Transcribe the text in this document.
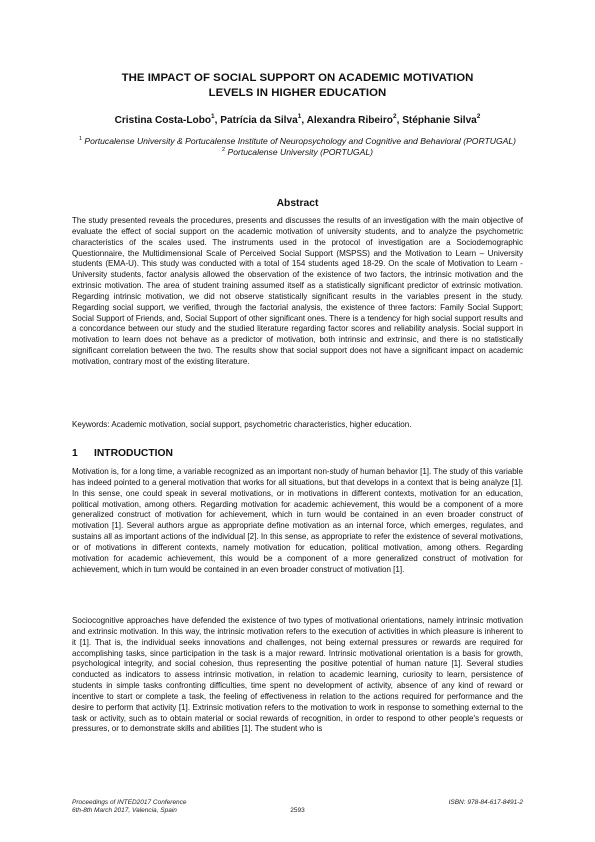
THE IMPACT OF SOCIAL SUPPORT ON ACADEMIC MOTIVATION
LEVELS IN HIGHER EDUCATION
Cristina Costa-Lobo$^1$, Patrícia da Silva$^1$, Alexandra Ribeiro$^2$, Stéphanie Silva$^2$
$^1$ Portucalense University & Portucalense Institute of Neuropsychology and Cognitive and Behavioral (PORTUGAL)
$^2$ Portucalense University (PORTUGAL)
Abstract
The study presented reveals the procedures, presents and discusses the results of an investigation with the main objective of evaluate the effect of social support on the academic motivation of university students, and to analyze the psychometric characteristics of the scales used. The instruments used in the protocol of investigation are a Sociodemographic Questionnaire, the Multidimensional Scale of Perceived Social Support (MSPSS) and the Motivation to Learn – University students (EMA-U). This study was conducted with a total of 154 students aged 18-29. On the scale of Motivation to Learn - University students, factor analysis allowed the observation of the existence of two factors, the intrinsic motivation and the extrinsic motivation. The area of student training assumed itself as a statistically significant predictor of extrinsic motivation. Regarding intrinsic motivation, we did not observe statistically significant results in the variables present in the study. Regarding social support, we verified, through the factorial analysis, the existence of three factors: Family Social Support; Social Support of Friends, and, Social Support of other significant ones. There is a tendency for high social support results and a concordance between our study and the studied literature regarding factor scores and reliability analysis. Social support in motivation to learn does not behave as a predictor of motivation, both intrinsic and extrinsic, and there is no statistically significant correlation between the two. The results show that social support does not have a significant impact on academic motivation, contrary most of the existing literature.
Keywords: Academic motivation, social support, psychometric characteristics, higher education.
1 INTRODUCTION
Motivation is, for a long time, a variable recognized as an important non-study of human behavior [1]. The study of this variable has indeed pointed to a general motivation that works for all situations, but that develops in a context that is being analyze [1]. In this sense, one could speak in several motivations, or in motivations in different contexts, motivation for an education, political motivation, among others. Regarding motivation for academic achievement, this would be a component of a more generalized construct of motivation for achievement, which in turn would be contained in an even broader construct of motivation [1]. Several authors argue as appropriate define motivation as an internal force, which emerges, regulates, and sustains all as important actions of the individual [2]. In this sense, as appropriate to refer the existence of several motivations, or of motivations in different contexts, namely motivation for education, political motivation, among others. Regarding motivation for academic achievement, this would be a component of a more generalized construct of motivation for achievement, which in turn would be contained in an even broader construct of motivation [1].
Sociocognitive approaches have defended the existence of two types of motivational orientations, namely intrinsic motivation and extrinsic motivation. In this way, the intrinsic motivation refers to the execution of activities in which pleasure is inherent to it [1]. That is, the individual seeks innovations and challenges, not being external pressures or rewards are required for accomplishing tasks, since participation in the task is a major reward. Intrinsic motivational orientation is a basis for growth, psychological integrity, and social cohesion, thus representing the positive potential of human nature [1]. Several studies conducted as indicators to assess intrinsic motivation, in relation to academic learning, curiosity to learn, persistence of students in simple tasks confronting difficulties, time spent no development of activity, absence of any kind of reward or incentive to start or complete a task, the feeling of effectiveness in relation to the actions required for performance and the desire to perform that activity [1]. Extrinsic motivation refers to the motivation to work in response to something external to the task or activity, such as to obtain material or social rewards of recognition, in order to respond to other people's requests or pressures, or to demonstrate skills and abilities [1]. The student who is
Proceedings of INTED2017 Conference
6th-8th March 2017, Valencia, Spain	2593
ISBN: 978-84-617-8491-2
